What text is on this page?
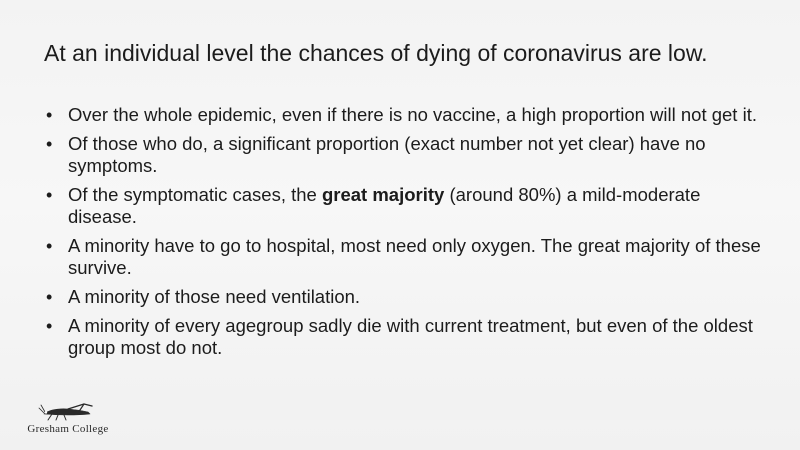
At an individual level the chances of dying of coronavirus are low.
• Over the whole epidemic, even if there is no vaccine, a high proportion will not get it.
• Of those who do, a significant proportion (exact number not yet clear) have no symptoms.
• Of the symptomatic cases, the great majority (around 80%) a mild-moderate disease.
• A minority have to go to hospital, most need only oxygen. The great majority of these survive.
• A minority of those need ventilation.
• A minority of every agegroup sadly die with current treatment, but even of the oldest group most do not.
Gresham College
